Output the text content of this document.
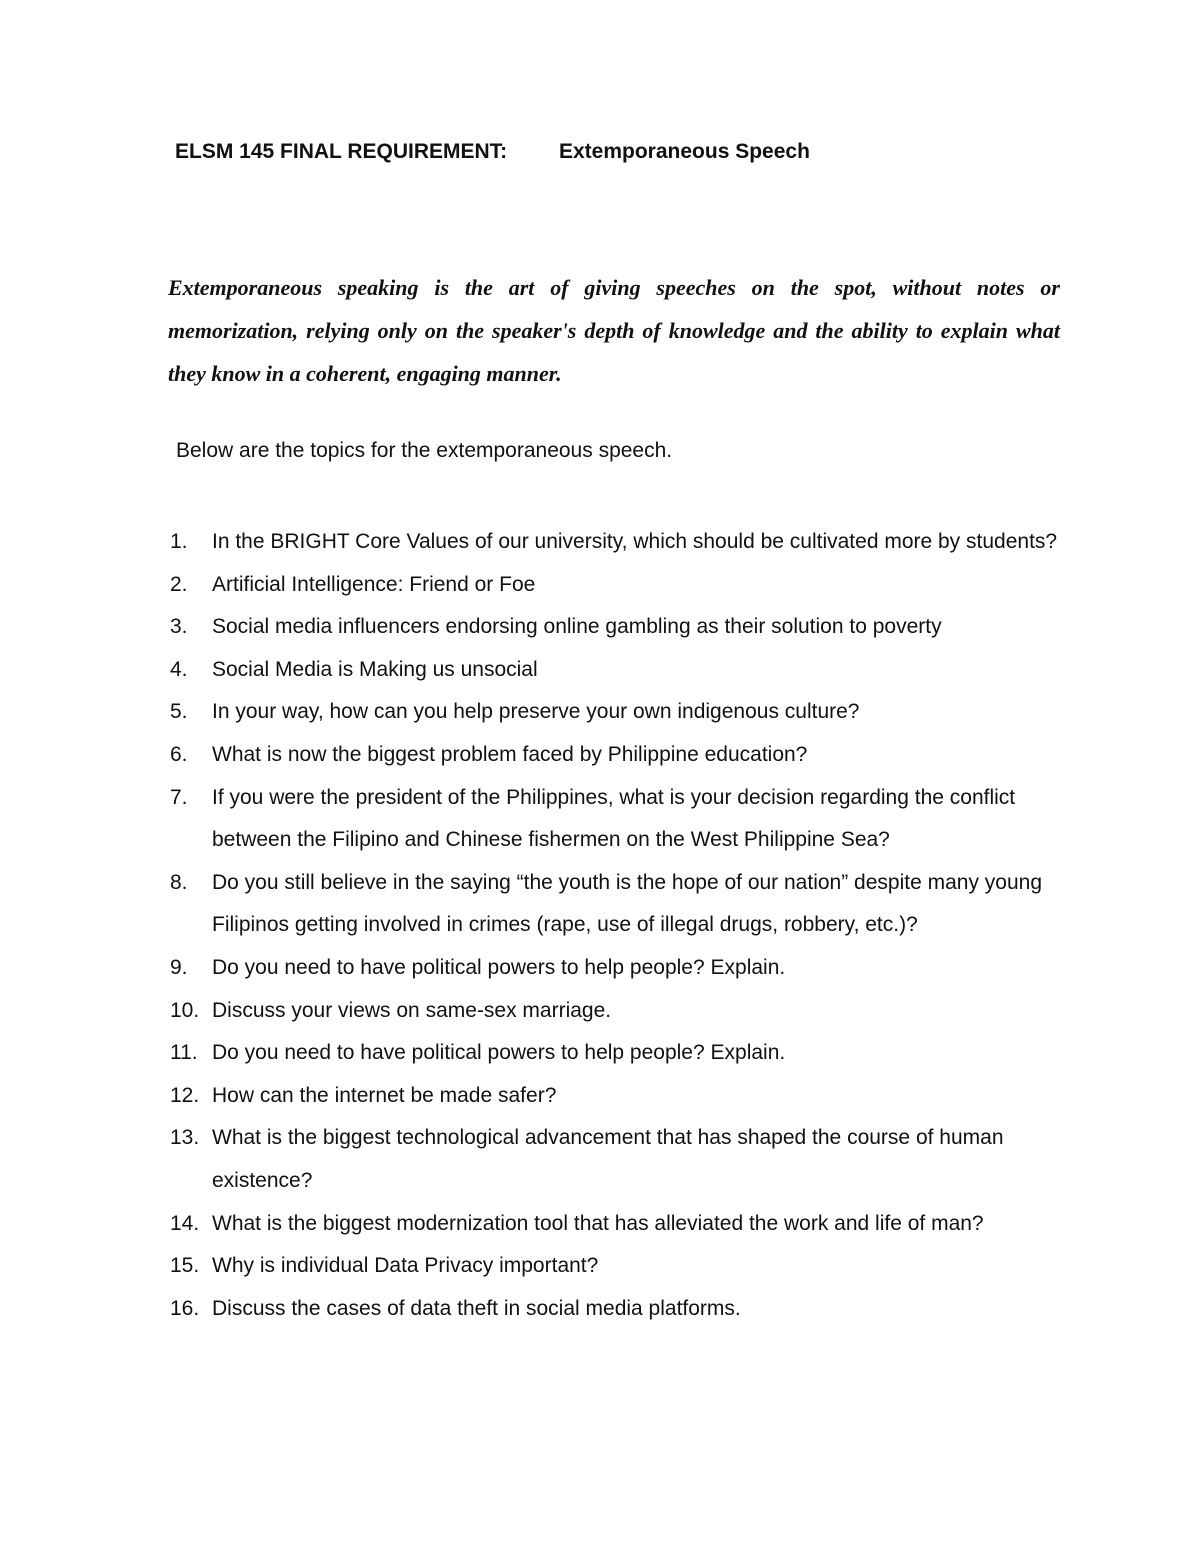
ELSM 145 FINAL REQUIREMENT: Extemporaneous Speech

Extemporaneous speaking is the art of giving speeches on the spot, without notes or memorization, relying only on the speaker's depth of knowledge and the ability to explain what they know in a coherent, engaging manner.

Below are the topics for the extemporaneous speech.
1.	In the BRIGHT Core Values of our university, which should be cultivated more by students?
2.	Artificial Intelligence: Friend or Foe
3.	Social media influencers endorsing online gambling as their solution to poverty
4.	Social Media is Making us unsocial
5.	In your way, how can you help preserve your own indigenous culture?
6.	What is now the biggest problem faced by Philippine education?
7.	If you were the president of the Philippines, what is your decision regarding the conflict between the Filipino and Chinese fishermen on the West Philippine Sea?
8.	Do you still believe in the saying “the youth is the hope of our nation” despite many young Filipinos getting involved in crimes (rape, use of illegal drugs, robbery, etc.)?
9.	Do you need to have political powers to help people? Explain.
10. Discuss your views on same-sex marriage.
11. Do you need to have political powers to help people? Explain.
12. How can the internet be made safer?
13. What is the biggest technological advancement that has shaped the course of human existence?
14. What is the biggest modernization tool that has alleviated the work and life of man?
15. Why is individual Data Privacy important?
16. Discuss the cases of data theft in social media platforms.
